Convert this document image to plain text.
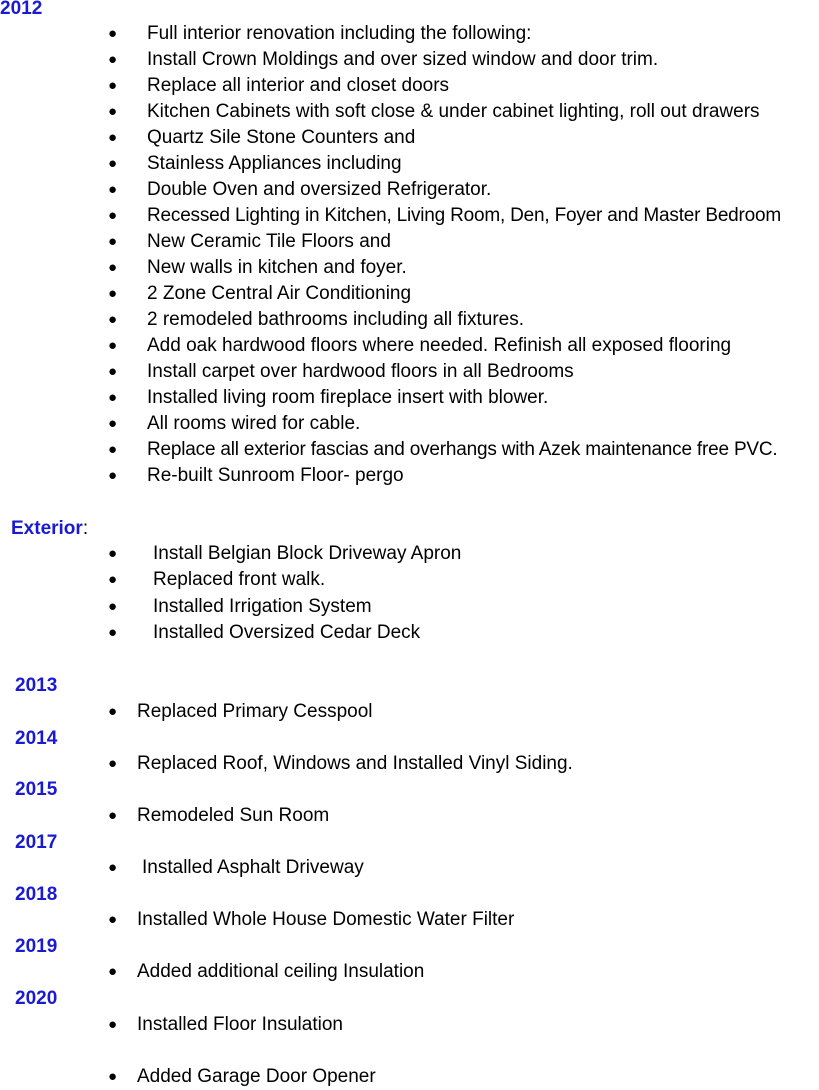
2012
● Full interior renovation including the following:
● Install Crown Moldings and over sized window and door trim.
● Replace all interior and closet doors
● Kitchen Cabinets with soft close & under cabinet lighting, roll out drawers
● Quartz Sile Stone Counters and
● Stainless Appliances including
● Double Oven and oversized Refrigerator.
● Recessed Lighting in Kitchen, Living Room, Den, Foyer and Master Bedroom
● New Ceramic Tile Floors and
● New walls in kitchen and foyer.
● 2 Zone Central Air Conditioning
● 2 remodeled bathrooms including all fixtures.
● Add oak hardwood floors where needed. Refinish all exposed flooring
● Install carpet over hardwood floors in all Bedrooms
● Installed living room fireplace insert with blower.
● All rooms wired for cable.
● Replace all exterior fascias and overhangs with Azek maintenance free PVC.
● Re-built Sunroom Floor- pergo
Exterior:
● Install Belgian Block Driveway Apron
● Replaced front walk.
● Installed Irrigation System
● Installed Oversized Cedar Deck
2013
● Replaced Primary Cesspool
2014
● Replaced Roof, Windows and Installed Vinyl Siding.
2015
● Remodeled Sun Room
2017
● Installed Asphalt Driveway
2018
● Installed Whole House Domestic Water Filter
2019
● Added additional ceiling Insulation
2020
● Installed Floor Insulation
● Added Garage Door Opener
